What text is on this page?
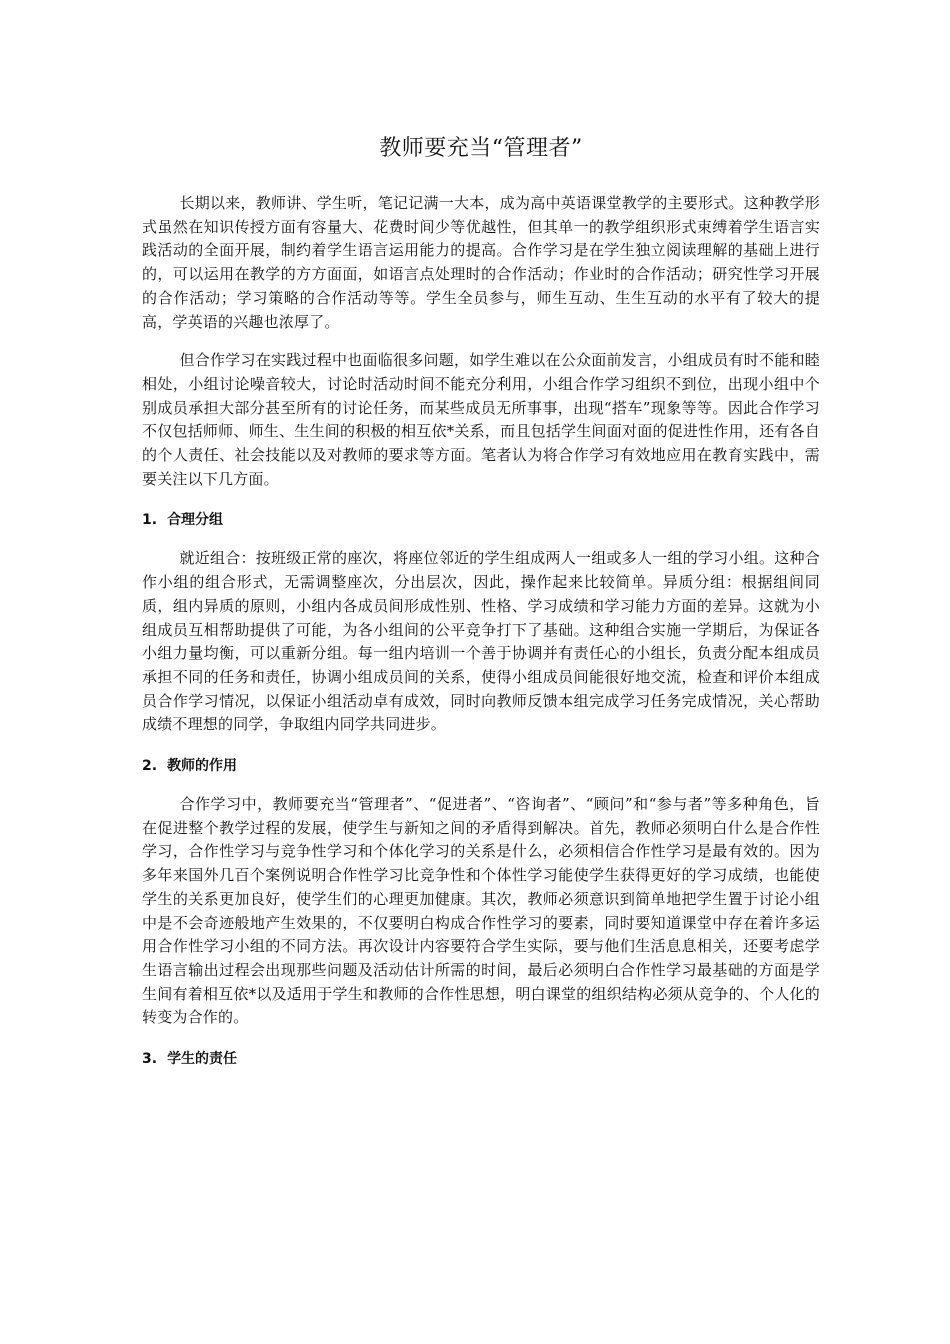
教师要充当“管理者”

长期以来，教师讲、学生听，笔记记满一大本，成为高中英语课堂教学的主要形式。这种教学形式虽然在知识传授方面有容量大、花费时间少等优越性，但其单一的教学组织形式束缚着学生语言实践活动的全面开展，制约着学生语言运用能力的提高。合作学习是在学生独立阅读理解的基础上进行的，可以运用在教学的方方面面，如语言点处理时的合作活动；作业时的合作活动；研究性学习开展的合作活动；学习策略的合作活动等等。学生全员参与，师生互动、生生互动的水平有了较大的提高，学英语的兴趣也浓厚了。

但合作学习在实践过程中也面临很多问题，如学生难以在公众面前发言，小组成员有时不能和睦相处，小组讨论噪音较大，讨论时活动时间不能充分利用，小组合作学习组织不到位，出现小组中个别成员承担大部分甚至所有的讨论任务，而某些成员无所事事，出现“搭车”现象等等。因此合作学习不仅包括师师、师生、生生间的积极的相互依*关系，而且包括学生间面对面的促进性作用，还有各自的个人责任、社会技能以及对教师的要求等方面。笔者认为将合作学习有效地应用在教育实践中，需要关注以下几方面。

1. 合理分组

就近组合：按班级正常的座次，将座位邻近的学生组成两人一组或多人一组的学习小组。这种合作小组的组合形式，无需调整座次，分出层次，因此，操作起来比较简单。异质分组：根据组间同质，组内异质的原则，小组内各成员间形成性别、性格、学习成绩和学习能力方面的差异。这就为小组成员互相帮助提供了可能，为各小组间的公平竞争打下了基础。这种组合实施一学期后，为保证各小组力量均衡，可以重新分组。每一组内培训一个善于协调并有责任心的小组长，负责分配本组成员承担不同的任务和责任，协调小组成员间的关系，使得小组成员间能很好地交流，检查和评价本组成员合作学习情况，以保证小组活动卓有成效，同时向教师反馈本组完成学习任务完成情况，关心帮助成绩不理想的同学，争取组内同学共同进步。

2. 教师的作用

合作学习中，教师要充当“管理者”、“促进者”、“咨询者”、“顾问”和“参与者”等多种角色，旨在促进整个教学过程的发展，使学生与新知之间的矛盾得到解决。首先，教师必须明白什么是合作性学习，合作性学习与竞争性学习和个体化学习的关系是什么，必须相信合作性学习是最有效的。因为多年来国外几百个案例说明合作性学习比竞争性和个体性学习能使学生获得更好的学习成绩，也能使学生的关系更加良好，使学生们的心理更加健康。其次，教师必须意识到简单地把学生置于讨论小组中是不会奇迹般地产生效果的，不仅要明白构成合作性学习的要素，同时要知道课堂中存在着许多运用合作性学习小组的不同方法。再次设计内容要符合学生实际，要与他们生活息息相关，还要考虑学生语言输出过程会出现那些问题及活动估计所需的时间，最后必须明白合作性学习最基础的方面是学生间有着相互依*以及适用于学生和教师的合作性思想，明白课堂的组织结构必须从竞争的、个人化的转变为合作的。

3. 学生的责任
